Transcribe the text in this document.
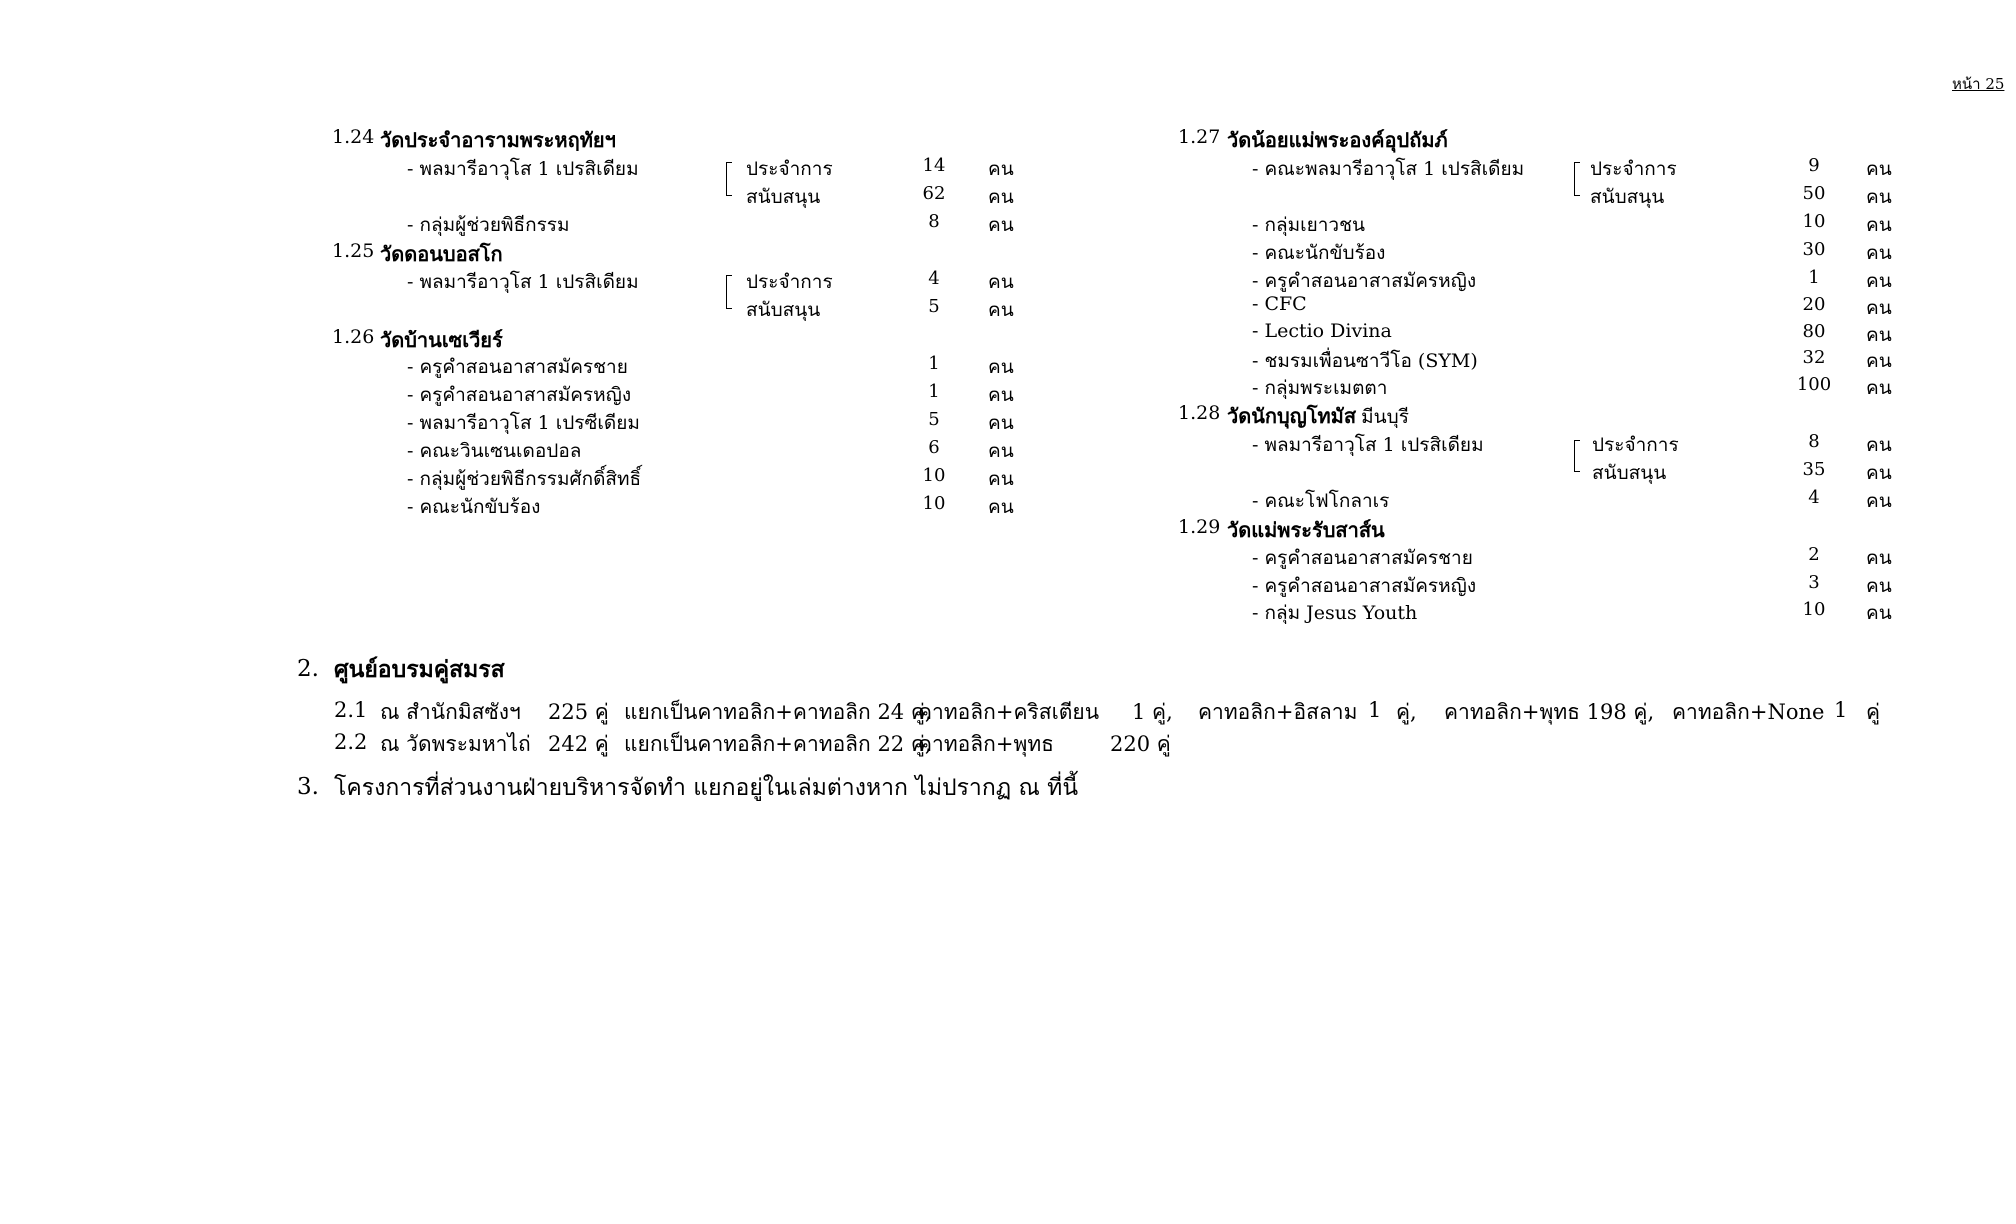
หน้า 25
1.24 วัดประจำอารามพระหฤทัยฯ
- พลมารีอาวุโส 1 เปรสิเดียม	ประจำการ	14	คน
สนับสนุน	62	คน
- กลุ่มผู้ช่วยพิธีกรรม	8	คน
1.25 วัดดอนบอสโก
- พลมารีอาวุโส 1 เปรสิเดียม	ประจำการ	4	คน
สนับสนุน	5	คน
1.26 วัดบ้านเซเวียร์
- ครูคำสอนอาสาสมัครชาย	1	คน
- ครูคำสอนอาสาสมัครหญิง	1	คน
- พลมารีอาวุโส 1 เปรซีเดียม	5	คน
- คณะวินเซนเดอปอล	6	คน
- กลุ่มผู้ช่วยพิธีกรรมศักดิ์สิทธิ์	10	คน
- คณะนักขับร้อง	10	คน
1.27 วัดน้อยแม่พระองค์อุปถัมภ์
- คณะพลมารีอาวุโส 1 เปรสิเดียม	ประจำการ	9	คน
สนับสนุน	50	คน
- กลุ่มเยาวชน	10	คน
- คณะนักขับร้อง	30	คน
- ครูคำสอนอาสาสมัครหญิง	1	คน
- CFC	20	คน
- Lectio Divina	80	คน
- ชมรมเพื่อนซาวีโอ (SYM)	32	คน
- กลุ่มพระเมตตา	100	คน
1.28 วัดนักบุญโทมัส มีนบุรี
- พลมารีอาวุโส 1 เปรสิเดียม	ประจำการ	8	คน
สนับสนุน	35	คน
- คณะโฟโกลาเร	4	คน
1.29 วัดแม่พระรับสาส์น
- ครูคำสอนอาสาสมัครชาย	2	คน
- ครูคำสอนอาสาสมัครหญิง	3	คน
- กลุ่ม Jesus Youth	10	คน
2. ศูนย์อบรมคู่สมรส
2.1 ณ สำนักมิสซังฯ 225 คู่ แยกเป็นคาทอลิก+คาทอลิก 24 คู่,
คาทอลิก+คริสเตียน 1 คู่, คาทอลิก+อิสลาม 1 คู่, คาทอลิก+พุทธ 198 คู่, คาทอลิก+None 1 คู่
2.2 ณ วัดพระมหาไถ่ 242 คู่ แยกเป็นคาทอลิก+คาทอลิก 22 คู่,
คาทอลิก+พุทธ	220 คู่
3. โครงการที่ส่วนงานฝ่ายบริหารจัดทำ แยกอยู่ในเล่มต่างหาก ไม่ปรากฏ ณ ที่นี้
